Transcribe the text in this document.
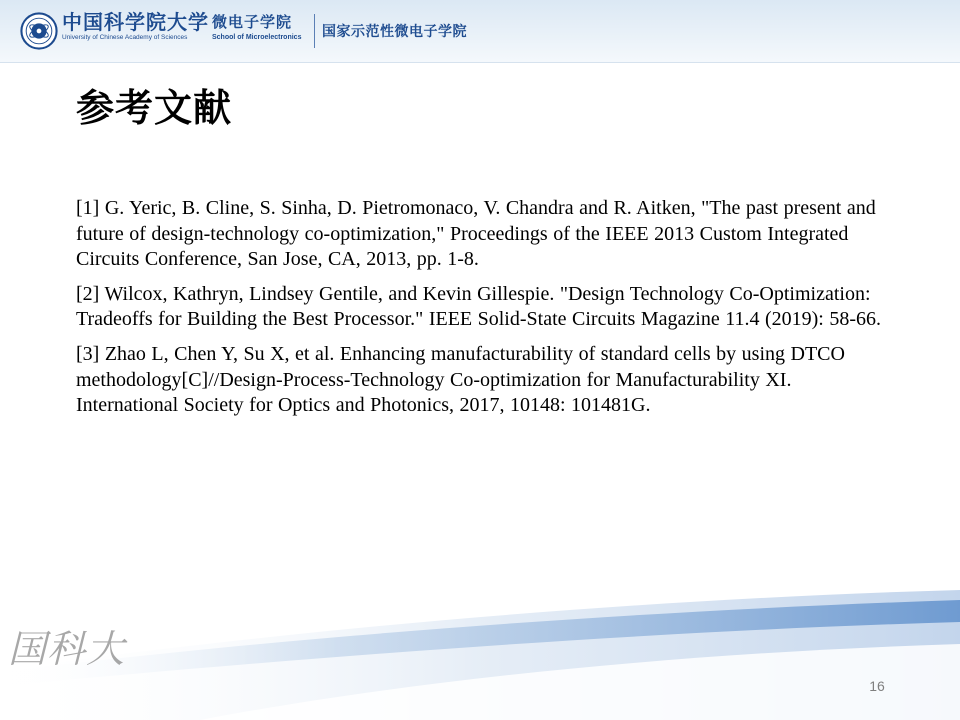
中国科学院大学
University of Chinese Academy of Sciences
微电子学院
School of Microelectronics 国家示范性微电子学院
参考文献

[1] G. Yeric, B. Cline, S. Sinha, D. Pietromonaco, V. Chandra and R. Aitken, "The past present and future of design-technology co-optimization," Proceedings of the IEEE 2013 Custom Integrated Circuits Conference, San Jose, CA, 2013, pp. 1-8.

[2] Wilcox, Kathryn, Lindsey Gentile, and Kevin Gillespie. "Design Technology Co-Optimization: Tradeoffs for Building the Best Processor." IEEE Solid-State Circuits Magazine 11.4 (2019): 58-66.

[3] Zhao L, Chen Y, Su X, et al. Enhancing manufacturability of standard cells by using DTCO methodology[C]//Design-Process-Technology Co-optimization for Manufacturability XI. International Society for Optics and Photonics, 2017, 10148: 101481G.

国科大
16
